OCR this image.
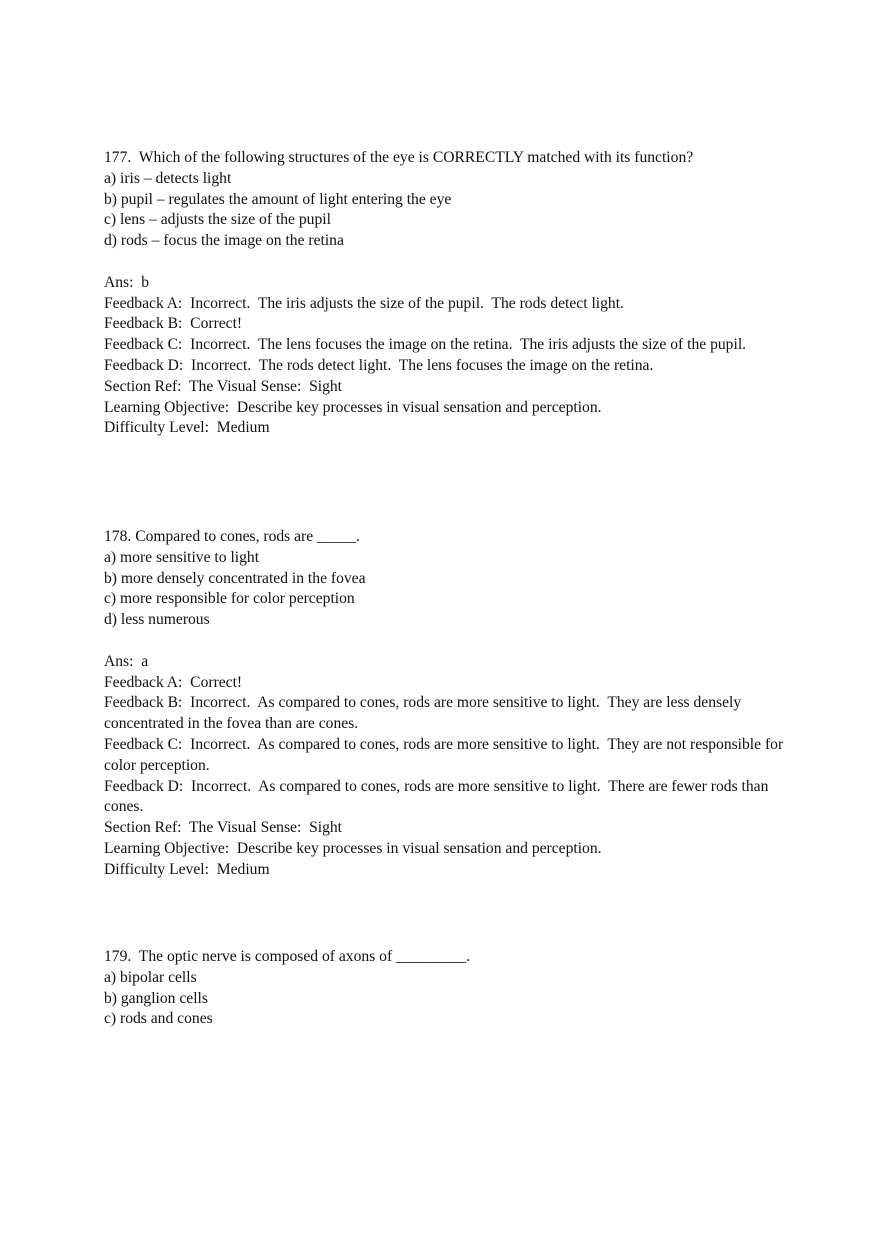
177.  Which of the following structures of the eye is CORRECTLY matched with its function?
a) iris – detects light
b) pupil – regulates the amount of light entering the eye
c) lens – adjusts the size of the pupil
d) rods – focus the image on the retina
Ans:  b
Feedback A:  Incorrect.  The iris adjusts the size of the pupil.  The rods detect light.
Feedback B:  Correct!
Feedback C:  Incorrect.  The lens focuses the image on the retina.  The iris adjusts the size of the pupil.
Feedback D:  Incorrect.  The rods detect light.  The lens focuses the image on the retina.
Section Ref:  The Visual Sense:  Sight
Learning Objective:  Describe key processes in visual sensation and perception.
Difficulty Level:  Medium
178. Compared to cones, rods are _____.
a) more sensitive to light
b) more densely concentrated in the fovea
c) more responsible for color perception
d) less numerous
Ans:  a
Feedback A:  Correct!
Feedback B:  Incorrect.  As compared to cones, rods are more sensitive to light.  They are less densely concentrated in the fovea than are cones.
Feedback C:  Incorrect.  As compared to cones, rods are more sensitive to light.  They are not responsible for color perception.
Feedback D:  Incorrect.  As compared to cones, rods are more sensitive to light.  There are fewer rods than cones.
Section Ref:  The Visual Sense:  Sight
Learning Objective:  Describe key processes in visual sensation and perception.
Difficulty Level:  Medium
179.  The optic nerve is composed of axons of _________.
a) bipolar cells
b) ganglion cells
c) rods and cones
